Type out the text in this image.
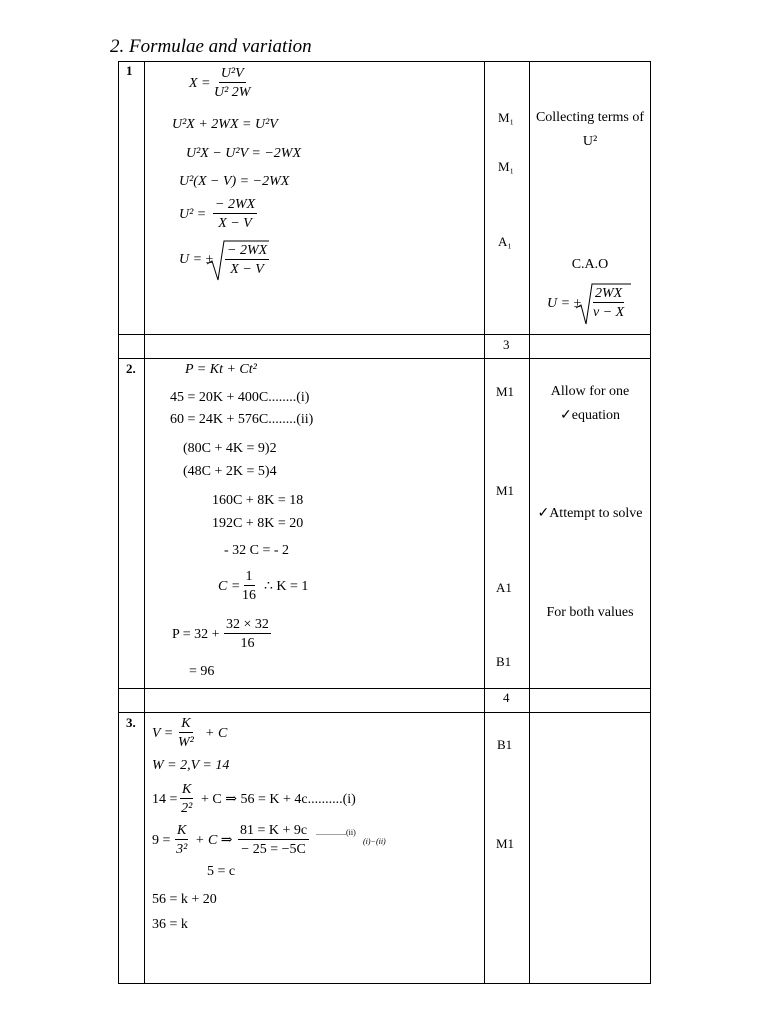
2. Formulae and variation
1
$X = \frac{\text{U²V}}{\text{U² 2W}}$
U²X + 2WX = U²V
U²X − U²V = −2WX
U²(X − V) = −2WX
$U^2 = \frac{- 2WX}{X - V}$
U = ± $\frac{- 2WX}{X - V}$
M₁
M₁
A₁
Collecting terms of
U²
C.A.O
U = ± $\frac{2WX}{v - X}$
3
2.	P = Kt + Ct²
45 = 20K + 400C........(i)
60 = 24K + 576C........(ii)
(80C + 4K = 9)2
(48C + 2K = 5)4
160C + 8K = 18
192C + 8K = 20
- 32 C = - 2
$C = \frac{1}{16}$ ∴ K = 1
$P = 32 + \frac{32 \times 32}{16}$
= 96
M1
M1
A1
B1
Allow for one
✓equation
✓Attempt to solve
For both values
4
3.
$V = \frac{K}{\text{W²}} + C$
W = 2,V = 14
$14 = \frac{K}{\text{2²}} + C$ ⇒ 56 = K + 4c..........(i)
$9 = \frac{K}{\text{3²}} + C$ ⇒ $\frac{81 = K + 9c}{- 25 = -5C} ...............(ii)$
(i)−(ii)
5 = c
56 = k + 20
36 = k
B1
M1
